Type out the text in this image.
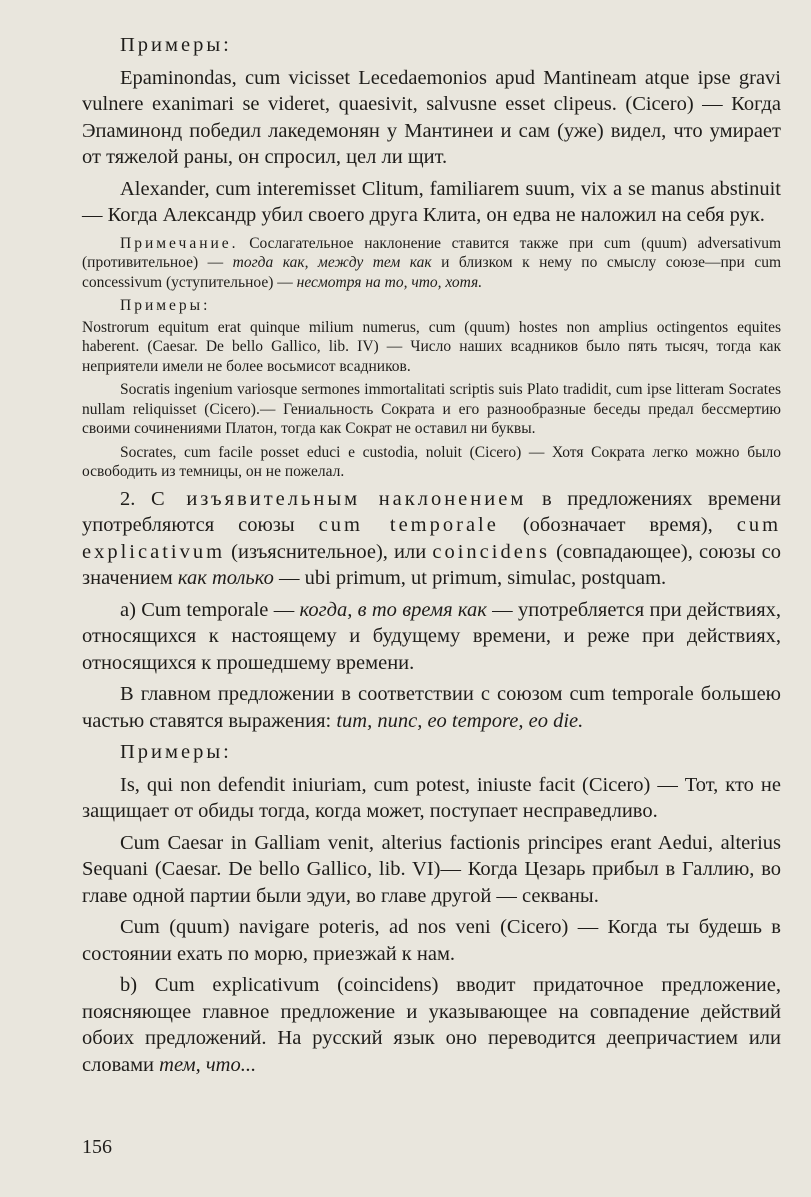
Примеры:

Epaminondas, cum vicisset Lecedaemonios apud Mantineam atque ipse gravi vulnere exanimari se videret, quaesivit, salvusne esset clipeus. (Cicero) — Когда Эпаминонд победил лакедемонян у Мантинеи и сам (уже) видел, что умирает от тяжелой раны, он спросил, цел ли щит.

Alexander, cum interemisset Clitum, familiarem suum, vix a se manus abstinuit — Когда Александр убил своего друга Клита, он едва не наложил на себя рук.

Примечание. Сослагательное наклонение ставится также при cum (quum) adversativum (противительное) — тогда как, между тем как и близком к нему по смыслу союзе—при cum concessivum (уступительное) — несмотря на то, что, хотя.

Примеры:

Nostrorum equitum erat quinque milium numerus, cum (quum) hostes non amplius octingentos equites haberent. (Caesar. De bello Gallico, lib. IV) — Число наших всадников было пять тысяч, тогда как неприятели имели не более восьмисот всадников.

Socratis ingenium variosque sermones immortalitati scriptis suis Plato tradidit, cum ipse litteram Socrates nullam reliquisset (Cicero).— Гениальность Сократа и его разнообразные беседы предал бессмертию своими сочинениями Платон, тогда как Сократ не оставил ни буквы.

Socrates, cum facile posset educi e custodia, noluit (Cicero) — Хотя Сократа легко можно было освободить из темницы, он не пожелал.

2. С изъявительным наклонением в предложениях времени употребляются союзы cum temporale (обозначает время), cum explicativum (изъяснительное), или coincidens (совпадающее), союзы со значением как только — ubi primum, ut primum, simulac, postquam.

a) Cum temporale — когда, в то время как — употребляется при действиях, относящихся к настоящему и будущему времени, и реже при действиях, относящихся к прошедшему времени.

В главном предложении в соответствии с союзом cum temporale большею частью ставятся выражения: tum, nunc, eo tempore, eo die.

Примеры:

Is, qui non defendit iniuriam, cum potest, iniuste facit (Cicero) — Тот, кто не защищает от обиды тогда, когда может, поступает несправедливо.

Cum Caesar in Galliam venit, alterius factionis principes erant Aedui, alterius Sequani (Caesar. De bello Gallico, lib. VI)— Когда Цезарь прибыл в Галлию, во главе одной партии были эдуи, во главе другой — секваны.

Cum (quum) navigare poteris, ad nos veni (Cicero) — Когда ты будешь в состоянии ехать по морю, приезжай к нам.

b) Cum explicativum (coincidens) вводит придаточное предложение, поясняющее главное предложение и указывающее на совпадение действий обоих предложений. На русский язык оно переводится деепричастием или словами тем, что...

156
